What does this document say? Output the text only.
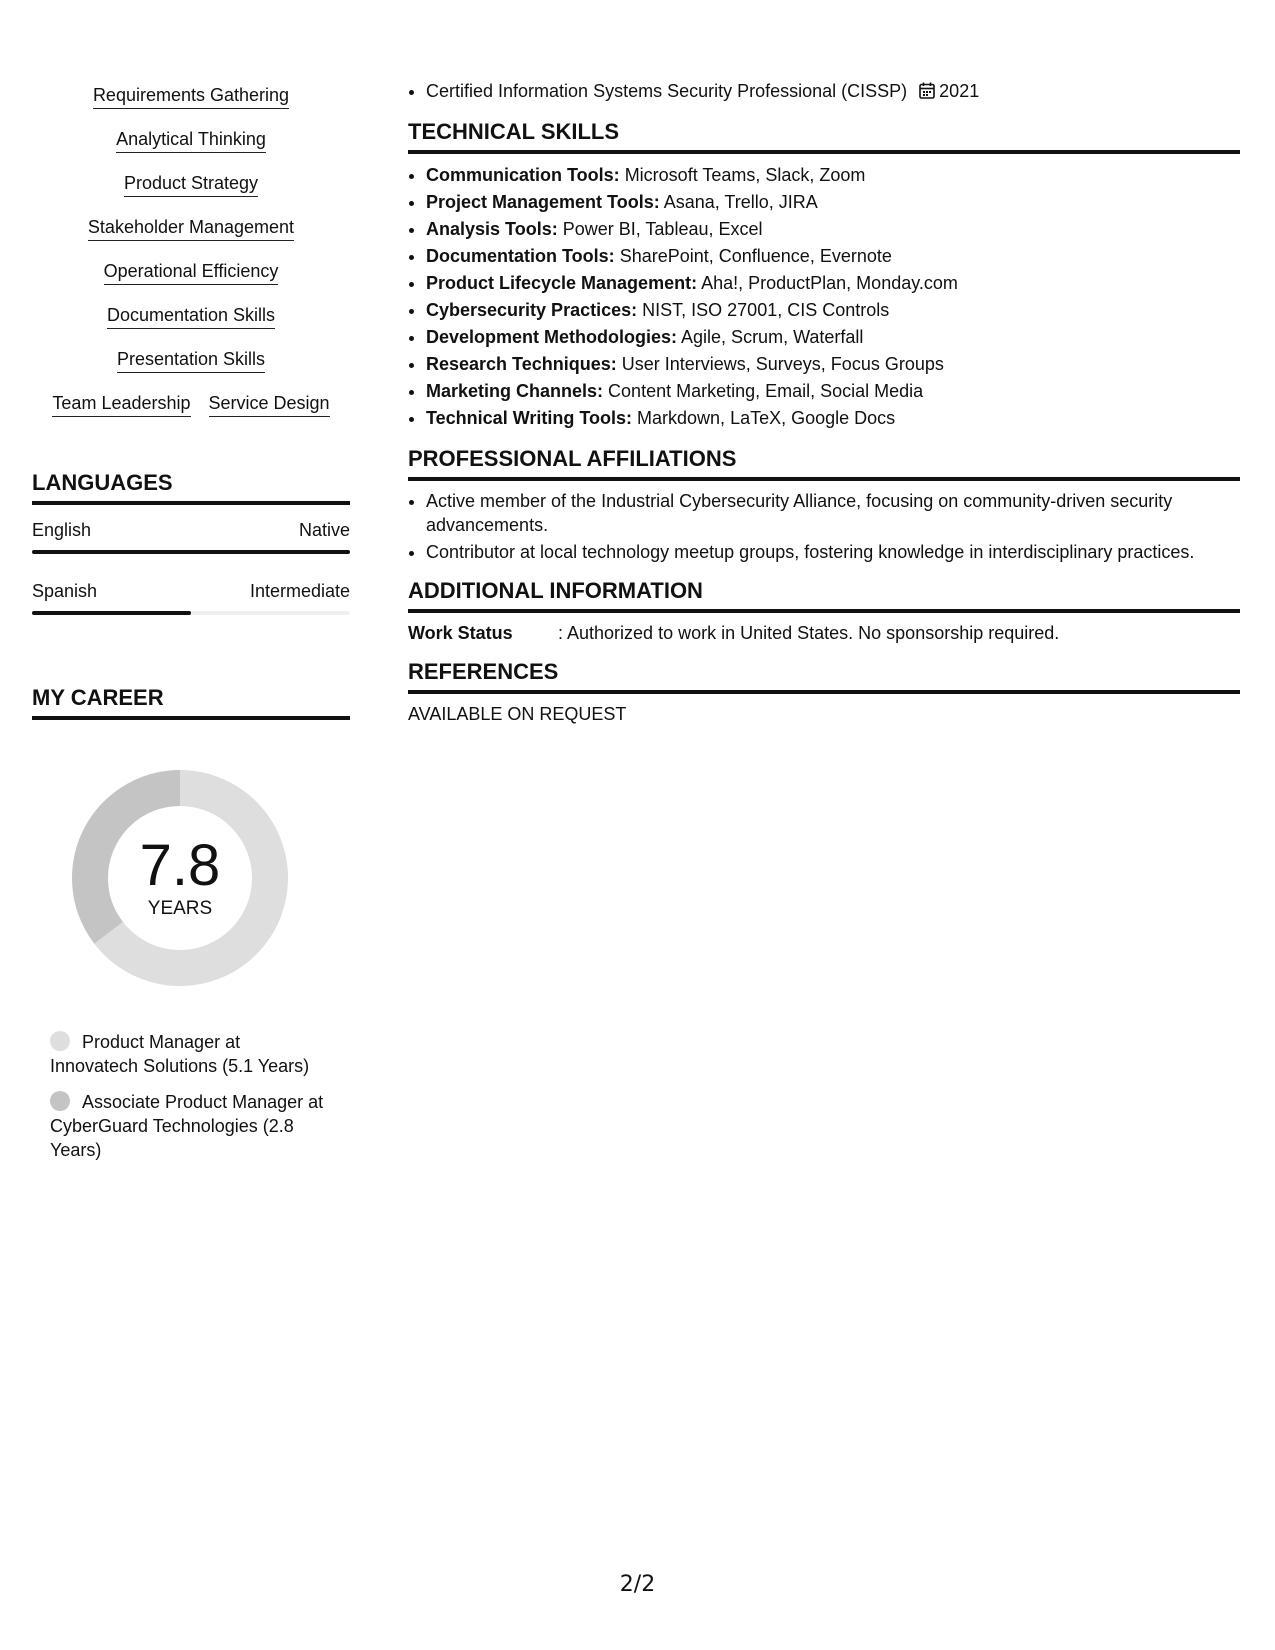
Requirements Gathering
Analytical Thinking
Product Strategy
Stakeholder Management
Operational Efficiency
Documentation Skills
Presentation Skills
Team Leadership Service Design
LANGUAGES
English	Native
Spanish	Intermediate
MY CAREER
7.8
YEARS
Product Manager at Innovatech Solutions (5.1 Years)
Associate Product Manager at CyberGuard Technologies (2.8 Years)
• Certified Information Systems Security Professional (CISSP) 2021
TECHNICAL SKILLS
• Communication Tools: Microsoft Teams, Slack, Zoom
• Project Management Tools: Asana, Trello, JIRA
• Analysis Tools: Power BI, Tableau, Excel
• Documentation Tools: SharePoint, Confluence, Evernote
• Product Lifecycle Management: Aha!, ProductPlan, Monday.com
• Cybersecurity Practices: NIST, ISO 27001, CIS Controls
• Development Methodologies: Agile, Scrum, Waterfall
• Research Techniques: User Interviews, Surveys, Focus Groups
• Marketing Channels: Content Marketing, Email, Social Media
• Technical Writing Tools: Markdown, LaTeX, Google Docs
PROFESSIONAL AFFILIATIONS
• Active member of the Industrial Cybersecurity Alliance, focusing on community-driven security advancements.
• Contributor at local technology meetup groups, fostering knowledge in interdisciplinary practices.
ADDITIONAL INFORMATION
Work Status	: Authorized to work in United States. No sponsorship required.
REFERENCES
AVAILABLE ON REQUEST
2/2
